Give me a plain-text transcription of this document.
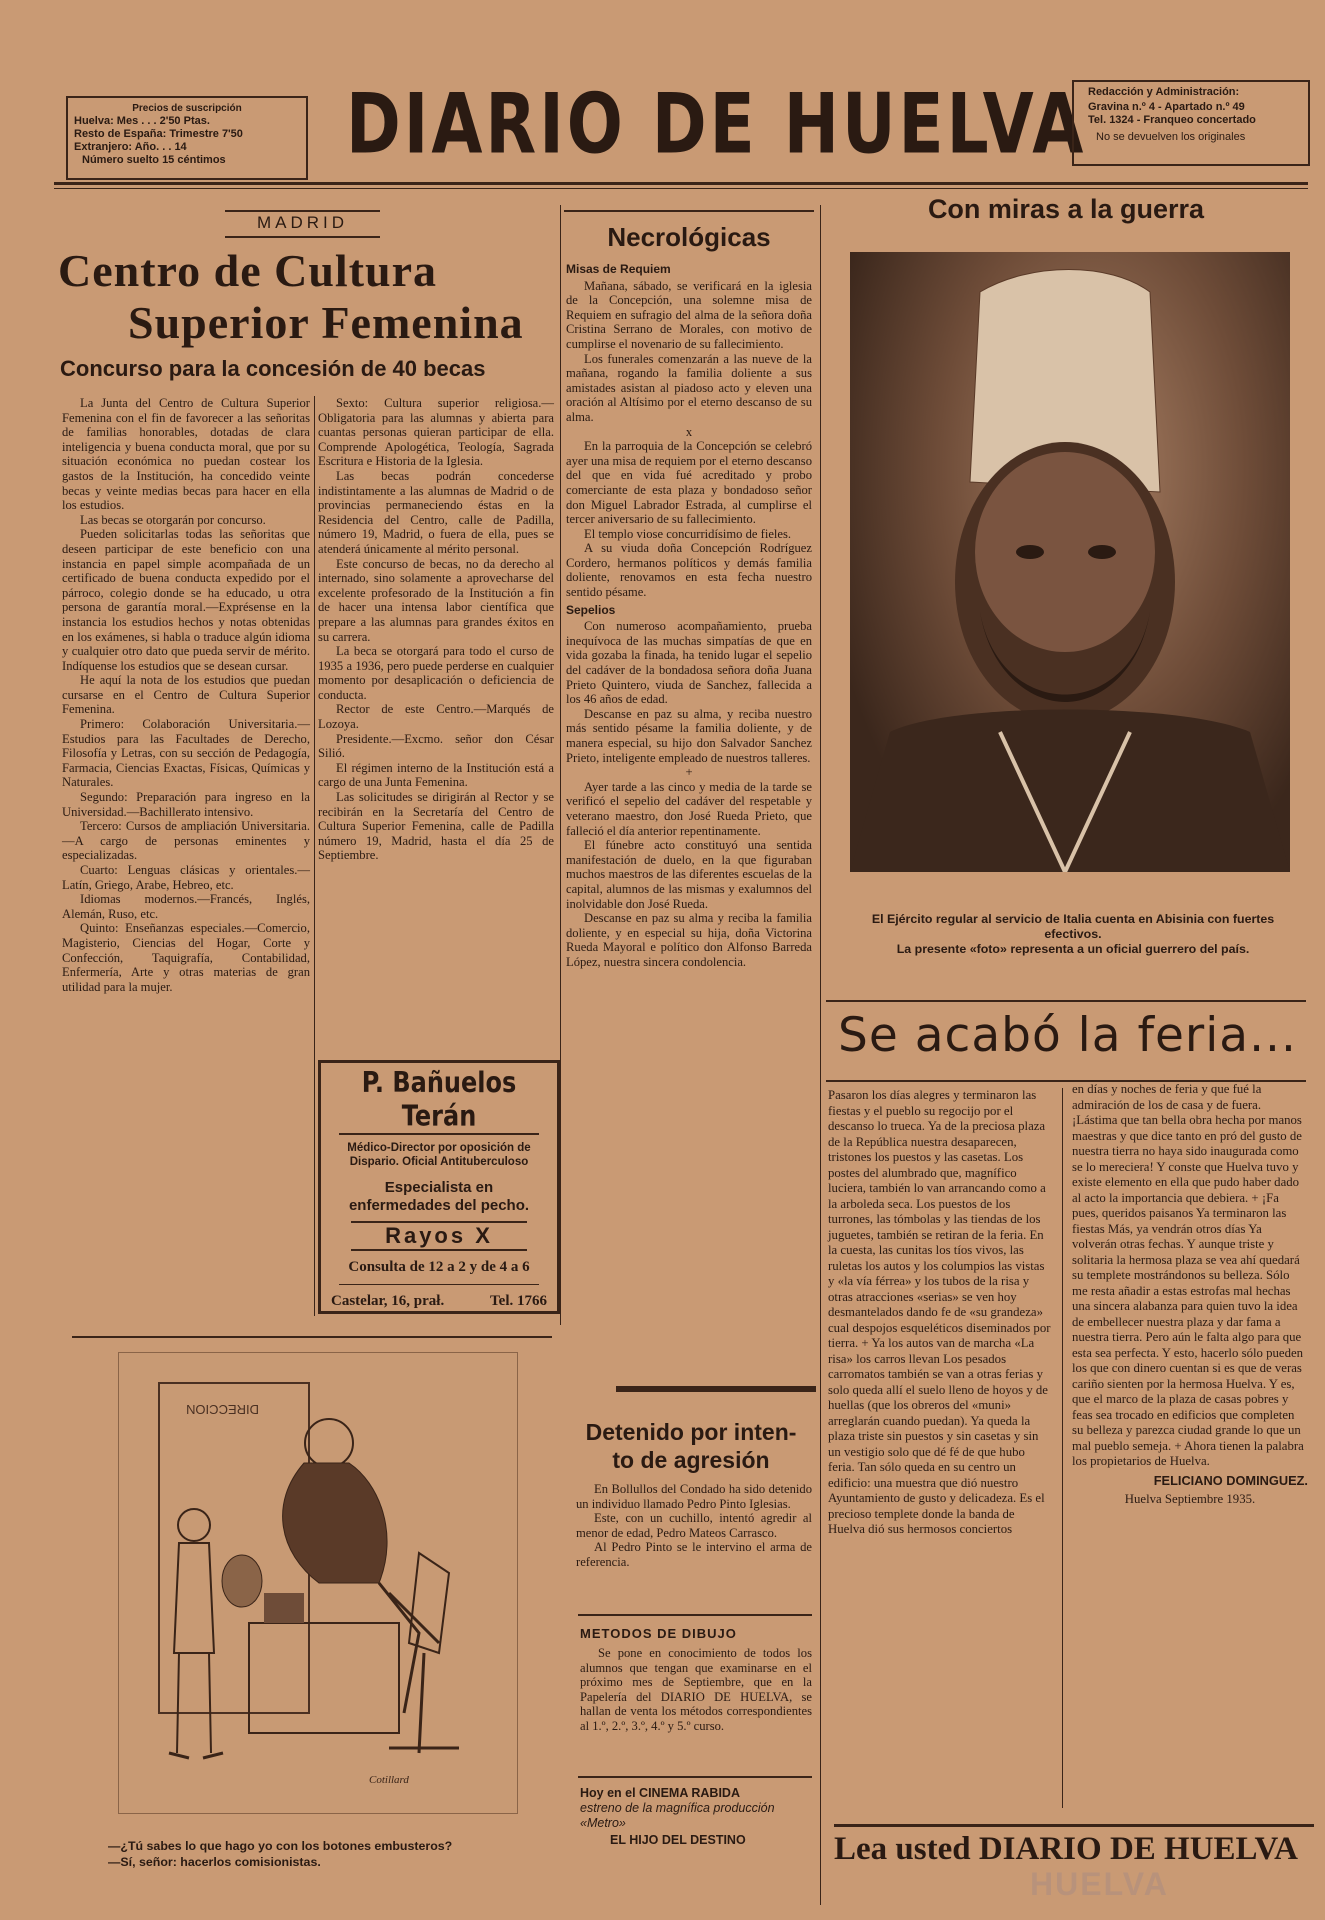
Precios de suscripción
Huelva: Mes . . . 2'50 Ptas.
Resto de España: Trimestre 7'50
Extranjero: Año. . . 14
Número suelto 15 céntimos	DIARIO DE HUELVA Redacción y Administración:
Gravina n.º 4 - Apartado n.º 49
Tel. 1324 - Franqueo concertado
No se devuelven los originales
MADRID
Centro de Cultura
Superior Femenina
Concurso para la concesión de 40 becas

La Junta del Centro de Cultura Superior Femenina con el fin de favorecer a las señoritas de familias honorables, dotadas de clara inteligencia y buena conducta moral, que por su situación económica no puedan costear los gastos de la Institución, ha concedido veinte becas y veinte medias becas para hacer en ella los estudios.

Las becas se otorgarán por concurso.

Pueden solicitarlas todas las señoritas que deseen participar de este beneficio con una instancia en papel simple acompañada de un certificado de buena conducta expedido por el párroco, colegio donde se ha educado, u otra persona de garantía moral.—Exprésense en la instancia los estudios hechos y notas obtenidas en los exámenes, si habla o traduce algún idioma y cualquier otro dato que pueda servir de mérito. Indíquense los estudios que se desean cursar.

He aquí la nota de los estudios que puedan cursarse en el Centro de Cultura Superior Femenina.

Primero: Colaboración Universitaria.—Estudios para las Facultades de Derecho, Filosofía y Letras, con su sección de Pedagogía, Farmacia, Ciencias Exactas, Físicas, Químicas y Naturales.

Segundo: Preparación para ingreso en la Universidad.—Bachillerato intensivo.

Tercero: Cursos de ampliación Universitaria.—A cargo de personas eminentes y especializadas.

Cuarto: Lenguas clásicas y orientales.—Latín, Griego, Arabe, Hebreo, etc.

Idiomas modernos.—Francés, Inglés, Alemán, Ruso, etc.

Quinto: Enseñanzas especiales.—Comercio, Magisterio, Ciencias del Hogar, Corte y Confección, Taquigrafía, Contabilidad, Enfermería, Arte y otras materias de gran utilidad para la mujer.

Sexto: Cultura superior religiosa.—Obligatoria para las alumnas y abierta para cuantas personas quieran participar de ella. Comprende Apologética, Teología, Sagrada Escritura e Historia de la Iglesia.

Las becas podrán concederse indistintamente a las alumnas de Madrid o de provincias permaneciendo éstas en la Residencia del Centro, calle de Padilla, número 19, Madrid, o fuera de ella, pues se atenderá únicamente al mérito personal.

Este concurso de becas, no da derecho al internado, sino solamente a aprovecharse del excelente profesorado de la Institución a fin de hacer una intensa labor científica que prepare a las alumnas para grandes éxitos en su carrera.

La beca se otorgará para todo el curso de 1935 a 1936, pero puede perderse en cualquier momento por desaplicación o deficiencia de conducta.

Rector de este Centro.—Marqués de Lozoya.

Presidente.—Excmo. señor don César Silió.

El régimen interno de la Institución está a cargo de una Junta Femenina.

Las solicitudes se dirigirán al Rector y se recibirán en la Secretaría del Centro de Cultura Superior Femenina, calle de Padilla número 19, Madrid, hasta el día 25 de Septiembre.

P. Bañuelos Terán
Médico-Director por oposición de Dispario. Oficial Antituberculoso
Especialista en enfermedades del pecho.
Rayos X
Consulta de 12 a 2 y de 4 a 6
Castelar, 16, prał.	Tel. 1766
DIRECCION
Cotillard
—¿Tú sabes lo que hago yo con los botones embusteros?
—Sí, señor: hacerlos comisionistas.
Necrológicas
Misas de Requiem

Mañana, sábado, se verificará en la iglesia de la Concepción, una solemne misa de Requiem en sufragio del alma de la señora doña Cristina Serrano de Morales, con motivo de cumplirse el novenario de su fallecimiento.

Los funerales comenzarán a las nueve de la mañana, rogando la familia doliente a sus amistades asistan al piadoso acto y eleven una oración al Altísimo por el eterno descanso de su alma.

x

En la parroquia de la Concepción se celebró ayer una misa de requiem por el eterno descanso del que en vida fué acreditado y probo comerciante de esta plaza y bondadoso señor don Miguel Labrador Estrada, al cumplirse el tercer aniversario de su fallecimiento.

El templo viose concurridísimo de fieles.

A su viuda doña Concepción Rodríguez Cordero, hermanos políticos y demás familia doliente, renovamos en esta fecha nuestro sentido pésame.

Sepelios

Con numeroso acompañamiento, prueba inequívoca de las muchas simpatías de que en vida gozaba la finada, ha tenido lugar el sepelio del cadáver de la bondadosa señora doña Juana Prieto Quintero, viuda de Sanchez, fallecida a los 46 años de edad.

Descanse en paz su alma, y reciba nuestro más sentido pésame la familia doliente, y de manera especial, su hijo don Salvador Sanchez Prieto, inteligente empleado de nuestros talleres.

+

Ayer tarde a las cinco y media de la tarde se verificó el sepelio del cadáver del respetable y veterano maestro, don José Rueda Prieto, que falleció el día anterior repentinamente.

El fúnebre acto constituyó una sentida manifestación de duelo, en la que figuraban muchos maestros de las diferentes escuelas de la capital, alumnos de las mismas y exalumnos del inolvidable don José Rueda.

Descanse en paz su alma y reciba la familia doliente, y en especial su hija, doña Victorina Rueda Mayoral e político don Alfonso Barreda López, nuestra sincera condolencia.

Detenido por inten-
to de agresión

En Bollullos del Condado ha sido detenido un individuo llamado Pedro Pinto Iglesias.

Este, con un cuchillo, intentó agredir al menor de edad, Pedro Mateos Carrasco.

Al Pedro Pinto se le intervino el arma de referencia.

METODOS DE DIBUJO

Se pone en conocimiento de todos los alumnos que tengan que examinarse en el próximo mes de Septiembre, que en la Papelería del DIARIO DE HUELVA, se hallan de venta los métodos correspondientes al 1.º, 2.º, 3.º, 4.º y 5.º curso.

Hoy en el CINEMA RABIDA
estreno de la magnífica producción «Metro»
EL HIJO DEL DESTINO
Con miras a la guerra
El Ejército regular al servicio de Italia cuenta en Abisinia con fuertes efectivos.
La presente «foto» representa a un oficial guerrero del país.
Se acabó la feria...

Pasaron los días alegres y terminaron las fiestas y el pueblo su regocijo por el descanso lo trueca. Ya de la preciosa plaza de la República nuestra desaparecen, tristones los puestos y las casetas. Los postes del alumbrado que, magnífico luciera, también lo van arrancando como a la arboleda seca. Los puestos de los turrones, las tómbolas y las tiendas de los juguetes, también se retiran de la feria. En la cuesta, las cunitas los tíos vivos, las ruletas los autos y los columpios las vistas y «la vía férrea» y los tubos de la risa y otras atracciones «serias» se ven hoy desmantelados dando fe de «su grandeza» cual despojos esqueléticos diseminados por tierra. + Ya los autos van de marcha «La risa» los carros llevan Los pesados carromatos también se van a otras ferias y solo queda allí el suelo lleno de hoyos y de huellas (que los obreros del «muni» arreglarán cuando puedan). Ya queda la plaza triste sin puestos y sin casetas y sin un vestigio solo que dé fé de que hubo feria. Tan sólo queda en su centro un edificio: una muestra que dió nuestro Ayuntamiento de gusto y delicadeza. Es el precioso templete donde la banda de Huelva dió sus hermosos conciertos

en días y noches de feria y que fué la admiración de los de casa y de fuera. ¡Lástima que tan bella obra hecha por manos maestras y que dice tanto en pró del gusto de nuestra tierra no haya sido inaugurada como se lo mereciera! Y conste que Huelva tuvo y existe elemento en ella que pudo haber dado al acto la importancia que debiera. + ¡Fa pues, queridos paisanos Ya terminaron las fiestas Más, ya vendrán otros días Ya volverán otras fechas. Y aunque triste y solitaria la hermosa plaza se vea ahí quedará su templete mostrándonos su belleza. Sólo me resta añadir a estas estrofas mal hechas una sincera alabanza para quien tuvo la idea de embellecer nuestra plaza y dar fama a nuestra tierra. Pero aún le falta algo para que esta sea perfecta. Y esto, hacerlo sólo pueden los que con dinero cuentan si es que de veras cariño sienten por la hermosa Huelva. Y es, que el marco de la plaza de casas pobres y feas sea trocado en edificios que completen su belleza y parezca ciudad grande lo que un mal pueblo semeja. + Ahora tienen la palabra los propietarios de Huelva.

FELICIANO DOMINGUEZ.
Huelva Septiembre 1935.
Lea usted DIARIO DE HUELVA
HUELVA
